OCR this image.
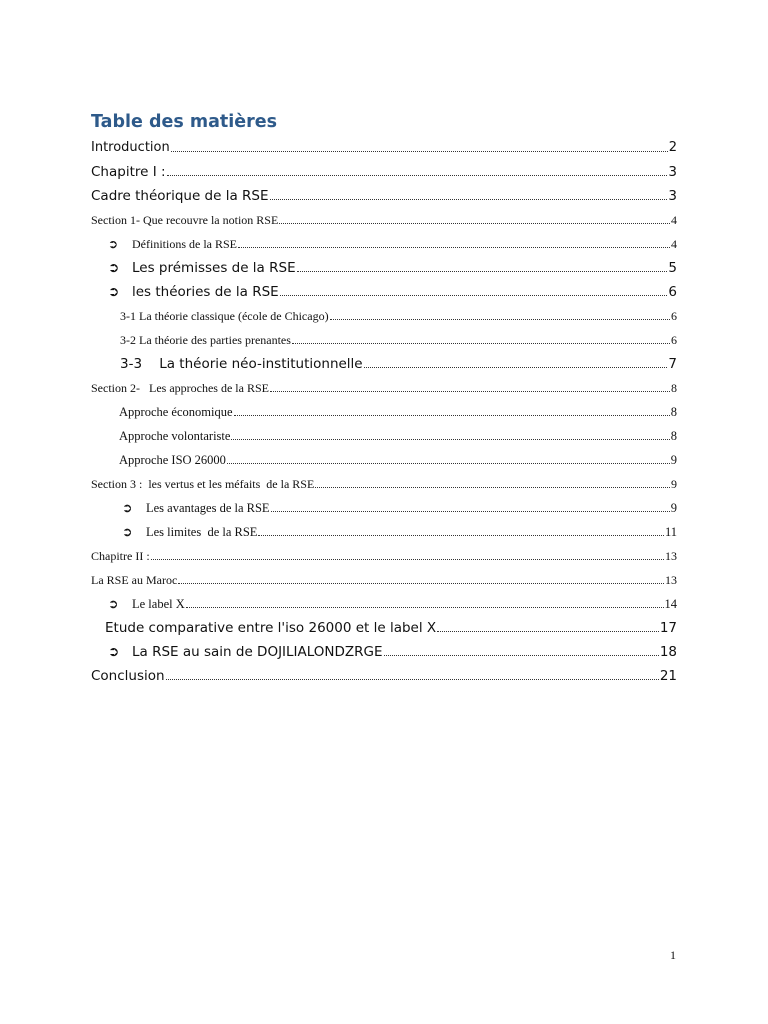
Table des matières
Introduction	2
Chapitre I :	3
Cadre théorique de la RSE	3
Section 1- Que recouvre la notion RSE	4
➲	Définitions de la RSE	4
➲ Les prémisses de la RSE	5
➲ les théories de la RSE	6
3-1 La théorie classique (école de Chicago)	6
3-2 La théorie des parties prenantes	6
3-3    La théorie néo-institutionnelle	7
Section 2-   Les approches de la RSE	8
Approche économique	8
Approche volontariste	8
Approche ISO 26000	9
Section 3 :  les vertus et les méfaits  de la RSE	9
➲	Les avantages de la RSE	9
➲	Les limites  de la RSE	11
Chapitre II :	13
La RSE au Maroc	13
➲	Le label X	14
Etude comparative entre l'iso 26000 et le label X	17
➲ La RSE au sain de DOJILIALONDZRGE	18
Conclusion	21
1
